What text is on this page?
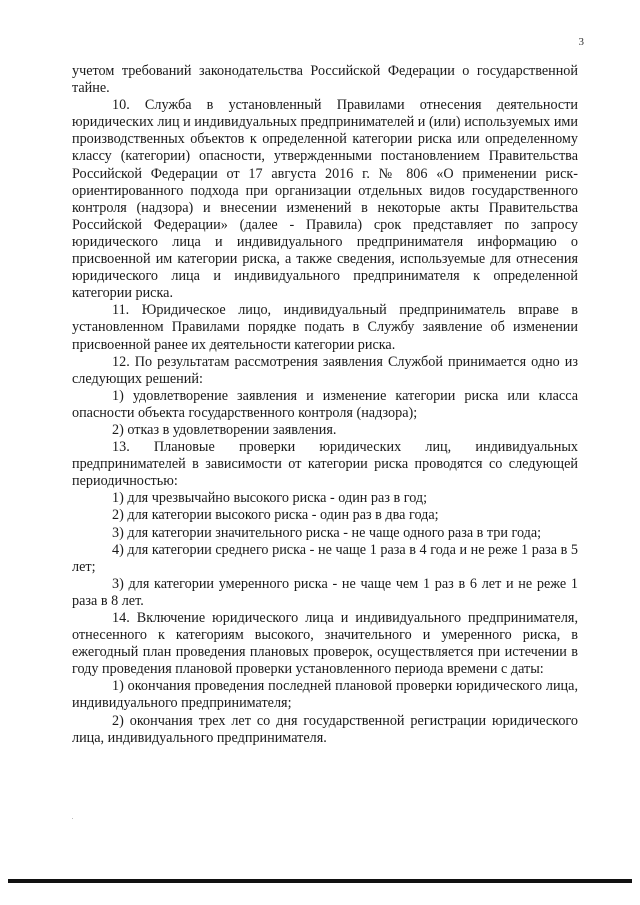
3

учетом требований законодательства Российской Федерации о государственной тайне.

10. Служба в установленный Правилами отнесения деятельности юридических лиц и индивидуальных предпринимателей и (или) используемых ими производственных объектов к определенной категории риска или определенному классу (категории) опасности, утвержденными постановлением Правительства Российской Федерации от 17 августа 2016 г. № 806 «О применении риск-ориентированного подхода при организации отдельных видов государственного контроля (надзора) и внесении изменений в некоторые акты Правительства Российской Федерации» (далее - Правила) срок представляет по запросу юридического лица и индивидуального предпринимателя информацию о присвоенной им категории риска, а также сведения, используемые для отнесения юридического лица и индивидуального предпринимателя к определенной категории риска.

11. Юридическое лицо, индивидуальный предприниматель вправе в установленном Правилами порядке подать в Службу заявление об изменении присвоенной ранее их деятельности категории риска.

12. По результатам рассмотрения заявления Службой принимается одно из следующих решений:

1) удовлетворение заявления и изменение категории риска или класса опасности объекта государственного контроля (надзора);

2) отказ в удовлетворении заявления.

13. Плановые проверки юридических лиц, индивидуальных предпринимателей в зависимости от категории риска проводятся со следующей периодичностью:

1) для чрезвычайно высокого риска - один раз в год;

2) для категории высокого риска - один раз в два года;

3) для категории значительного риска - не чаще одного раза в три года;

4) для категории среднего риска - не чаще 1 раза в 4 года и не реже 1 раза в 5 лет;

3) для категории умеренного риска - не чаще чем 1 раз в 6 лет и не реже 1 раза в 8 лет.

14. Включение юридического лица и индивидуального предпринимателя, отнесенного к категориям высокого, значительного и умеренного риска, в ежегодный план проведения плановых проверок, осуществляется при истечении в году проведения плановой проверки установленного периода времени с даты:

1) окончания проведения последней плановой проверки юридического лица, индивидуального предпринимателя;

2) окончания трех лет со дня государственной регистрации юридического лица, индивидуального предпринимателя.
